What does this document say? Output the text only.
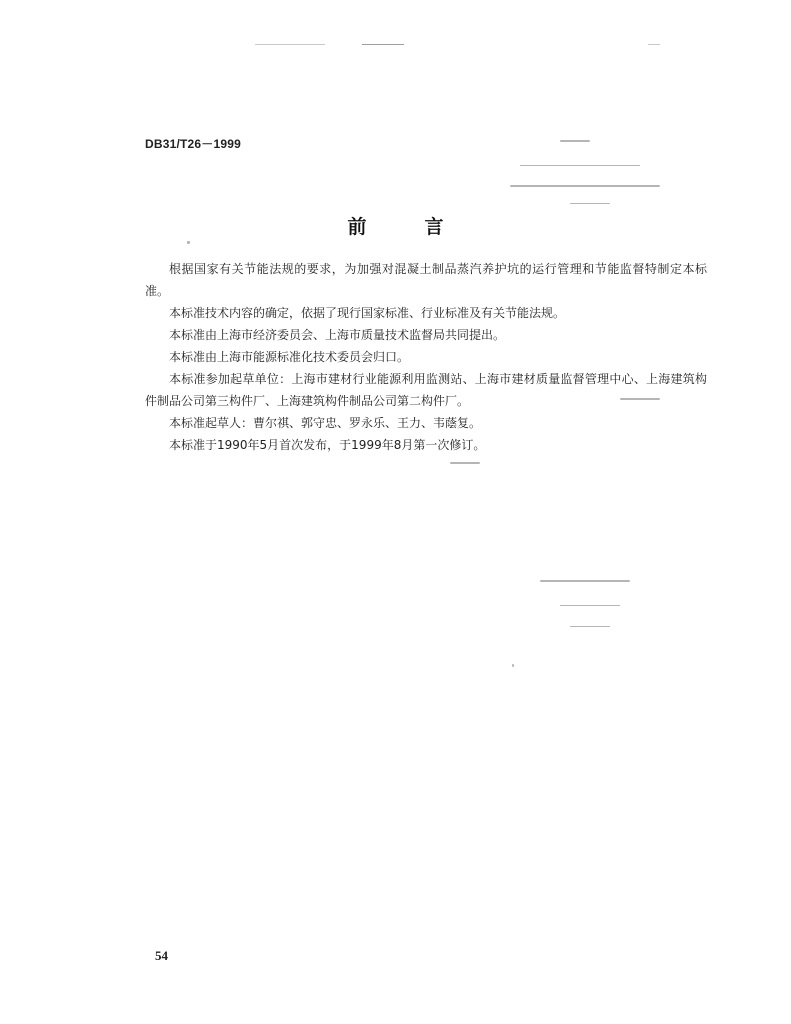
DB31/T26－1999
前言

根据国家有关节能法规的要求，为加强对混凝土制品蒸汽养护坑的运行管理和节能监督特制定本标准。

本标准技术内容的确定，依据了现行国家标准、行业标准及有关节能法规。

本标准由上海市经济委员会、上海市质量技术监督局共同提出。

本标准由上海市能源标准化技术委员会归口。

本标准参加起草单位：上海市建材行业能源利用监测站、上海市建材质量监督管理中心、上海建筑构件制品公司第三构件厂、上海建筑构件制品公司第二构件厂。

本标准起草人：曹尔祺、郭守忠、罗永乐、王力、韦蔭复。

本标准于1990年5月首次发布，于1999年8月第一次修订。

54
